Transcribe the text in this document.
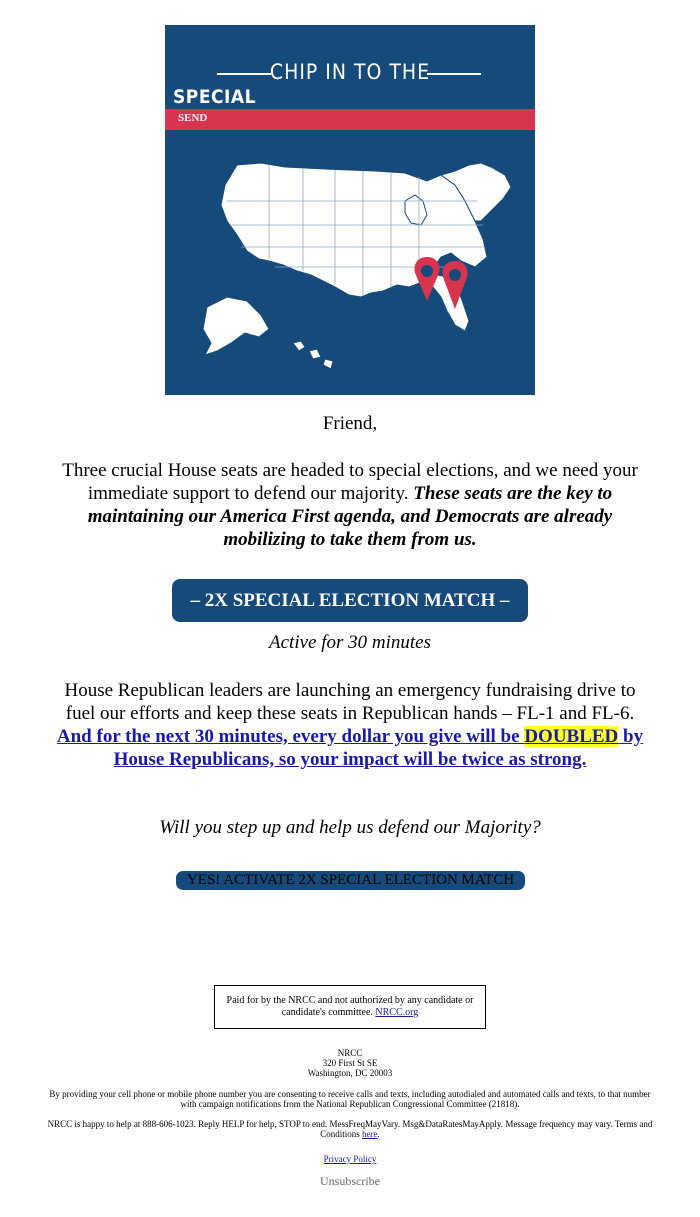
CHIP IN TO THE
SPECIAL
SEND
Friend,
Three crucial House seats are headed to special elections, and we need your immediate support to defend our majority. These seats are the key to maintaining our America First agenda, and Democrats are already mobilizing to take them from us.
– 2X SPECIAL ELECTION MATCH –
Active for 30 minutes
House Republican leaders are launching an emergency fundraising drive to fuel our efforts and keep these seats in Republican hands – FL-1 and FL-6. And for the next 30 minutes, every dollar you give will be DOUBLED by House Republicans, so your impact will be twice as strong.
Will you step up and help us defend our Majority?
YES! ACTIVATE 2X SPECIAL ELECTION MATCH
Paid for by the NRCC and not authorized by any candidate or candidate's committee. NRCC.org
NRCC
320 First St SE
Washington, DC 20003
By providing your cell phone or mobile phone number you are consenting to receive calls and texts, including autodialed and automated calls and texts, to that number with campaign notifications from the National Republican Congressional Committee (21818).
NRCC is happy to help at 888-606-1023. Reply HELP for help, STOP to end. MessFreqMayVary. Msg&DataRatesMayApply. Message frequency may vary. Terms and Conditions here.
Privacy Policy
Unsubscribe
